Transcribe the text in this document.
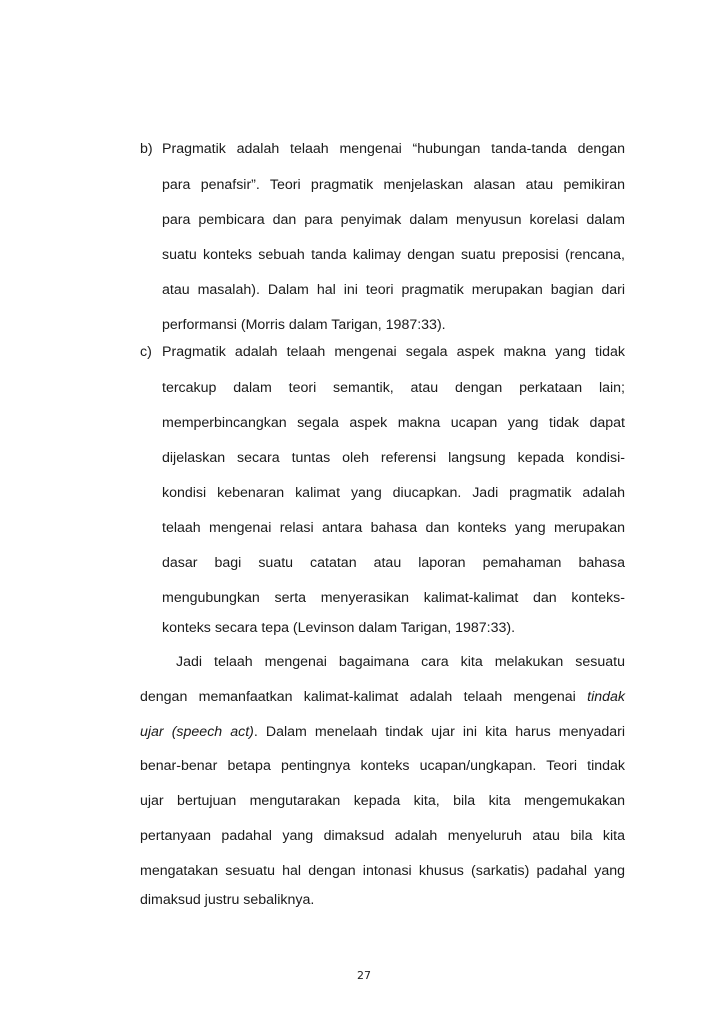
b) Pragmatik adalah telaah mengenai “hubungan tanda-tanda dengan
para penafsir”. Teori pragmatik menjelaskan alasan atau pemikiran
para pembicara dan para penyimak dalam menyusun korelasi dalam
suatu konteks sebuah tanda kalimay dengan suatu preposisi (rencana,
atau masalah). Dalam hal ini teori pragmatik merupakan bagian dari
performansi (Morris dalam Tarigan, 1987:33).
c) Pragmatik adalah telaah mengenai segala aspek makna yang tidak
tercakup dalam teori semantik, atau dengan perkataan lain;
memperbincangkan segala aspek makna ucapan yang tidak dapat
dijelaskan secara tuntas oleh referensi langsung kepada kondisi-
kondisi kebenaran kalimat yang diucapkan. Jadi pragmatik adalah
telaah mengenai relasi antara bahasa dan konteks yang merupakan
dasar bagi suatu catatan atau laporan pemahaman bahasa
mengubungkan serta menyerasikan kalimat-kalimat dan konteks-
konteks secara tepa (Levinson dalam Tarigan, 1987:33).
Jadi telaah mengenai bagaimana cara kita melakukan sesuatu
dengan memanfaatkan kalimat-kalimat adalah telaah mengenai tindak
ujar (speech act). Dalam menelaah tindak ujar ini kita harus menyadari
benar-benar betapa pentingnya konteks ucapan/ungkapan. Teori tindak
ujar bertujuan mengutarakan kepada kita, bila kita mengemukakan
pertanyaan padahal yang dimaksud adalah menyeluruh atau bila kita
mengatakan sesuatu hal dengan intonasi khusus (sarkatis) padahal yang
dimaksud justru sebaliknya.
27
